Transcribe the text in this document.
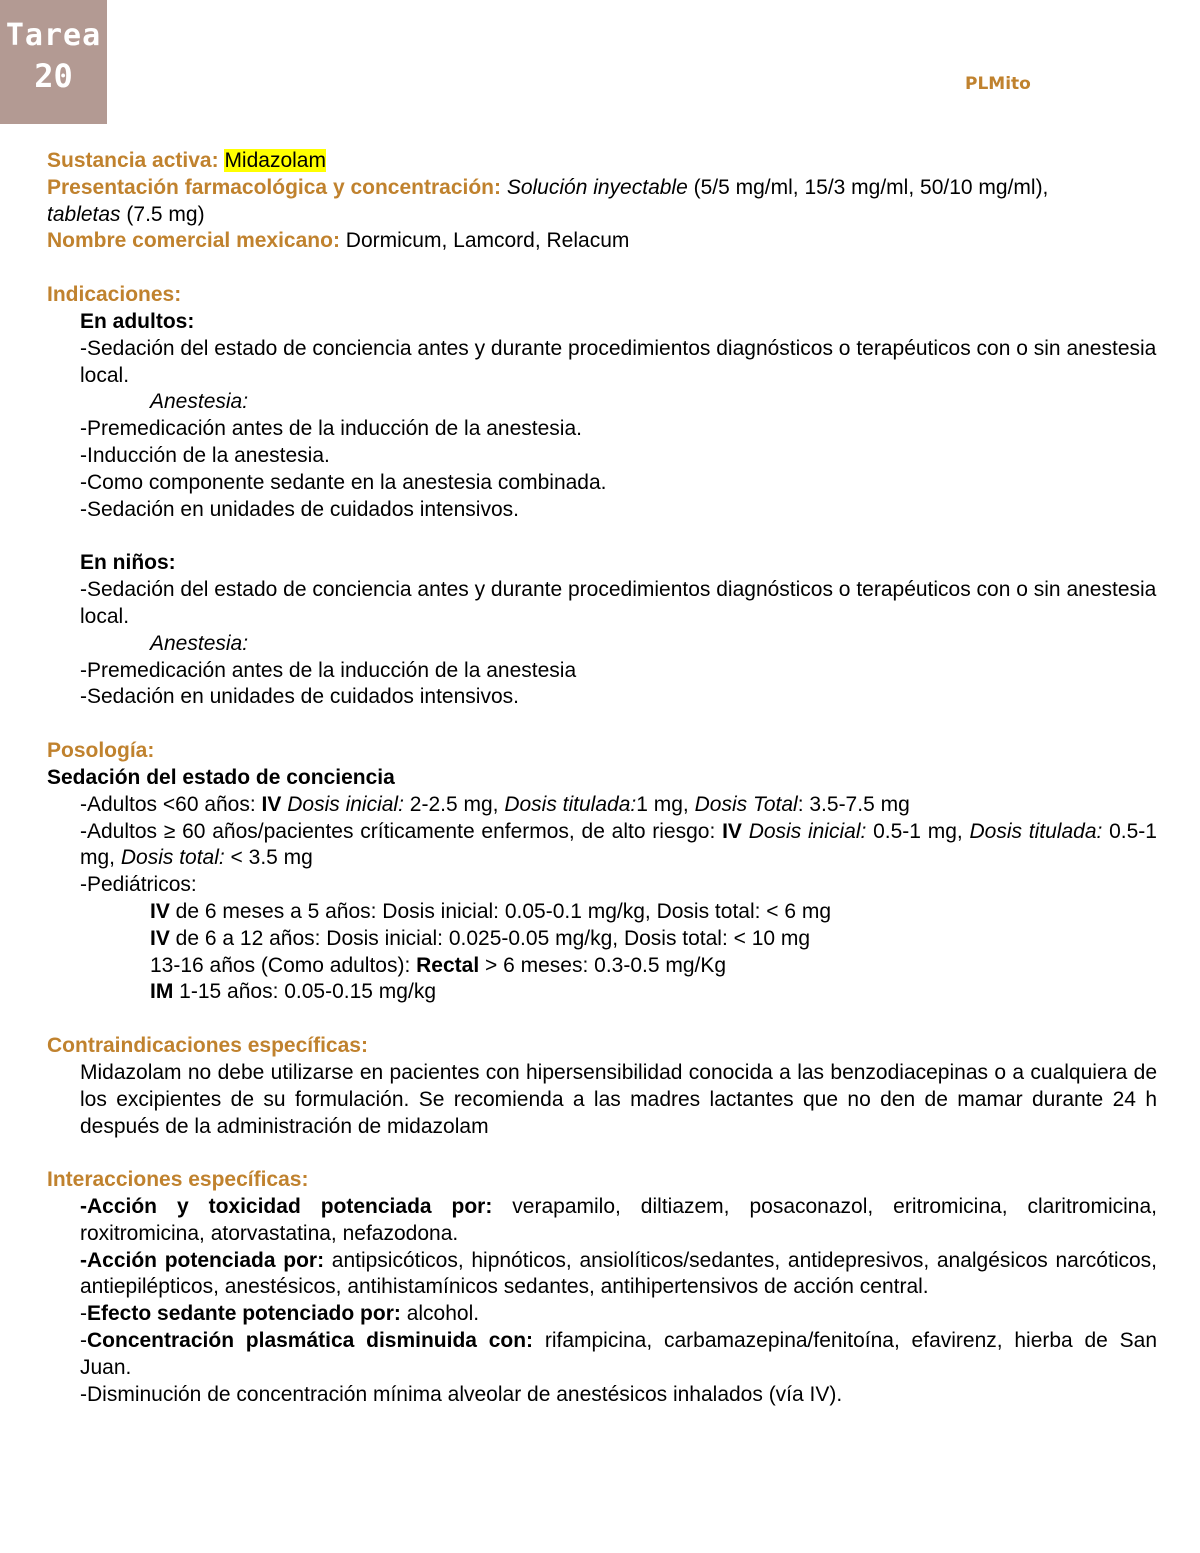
Tarea
20	PLMito

Sustancia activa: Midazolam

Presentación farmacológica y concentración: Solución inyectable (5/5 mg/ml, 15/3 mg/ml, 50/10 mg/ml),
tabletas (7.5 mg)

Nombre comercial mexicano: Dormicum, Lamcord, Relacum

Indicaciones:

En adultos:

-Sedación del estado de conciencia antes y durante procedimientos diagnósticos o terapéuticos con o sin anestesia local.

Anestesia:

-Premedicación antes de la inducción de la anestesia.

-Inducción de la anestesia.

-Como componente sedante en la anestesia combinada.

-Sedación en unidades de cuidados intensivos.

En niños:

-Sedación del estado de conciencia antes y durante procedimientos diagnósticos o terapéuticos con o sin anestesia local.

Anestesia:

-Premedicación antes de la inducción de la anestesia

-Sedación en unidades de cuidados intensivos.

Posología:

Sedación del estado de conciencia

-Adultos <60 años: IV Dosis inicial: 2-2.5 mg, Dosis titulada:1 mg, Dosis Total: 3.5-7.5 mg

-Adultos ≥ 60 años/pacientes críticamente enfermos, de alto riesgo: IV Dosis inicial: 0.5-1 mg, Dosis titulada: 0.5-1 mg, Dosis total: < 3.5 mg

-Pediátricos:

IV de 6 meses a 5 años: Dosis inicial: 0.05-0.1 mg/kg, Dosis total: < 6 mg

IV de 6 a 12 años: Dosis inicial: 0.025-0.05 mg/kg, Dosis total: < 10 mg

13-16 años (Como adultos): Rectal > 6 meses: 0.3-0.5 mg/Kg

IM 1-15 años: 0.05-0.15 mg/kg

Contraindicaciones específicas:

Midazolam no debe utilizarse en pacientes con hipersensibilidad conocida a las benzodiacepinas o a cualquiera de los excipientes de su formulación. Se recomienda a las madres lactantes que no den de mamar durante 24 h después de la administración de midazolam

Interacciones específicas:

-Acción y toxicidad potenciada por: verapamilo, diltiazem, posaconazol, eritromicina, claritromicina, roxitromicina, atorvastatina, nefazodona.

-Acción potenciada por: antipsicóticos, hipnóticos, ansiolíticos/sedantes, antidepresivos, analgésicos narcóticos, antiepilépticos, anestésicos, antihistamínicos sedantes, antihipertensivos de acción central.

-Efecto sedante potenciado por: alcohol.

-Concentración plasmática disminuida con: rifampicina, carbamazepina/fenitoína, efavirenz, hierba de San Juan.

-Disminución de concentración mínima alveolar de anestésicos inhalados (vía IV).
